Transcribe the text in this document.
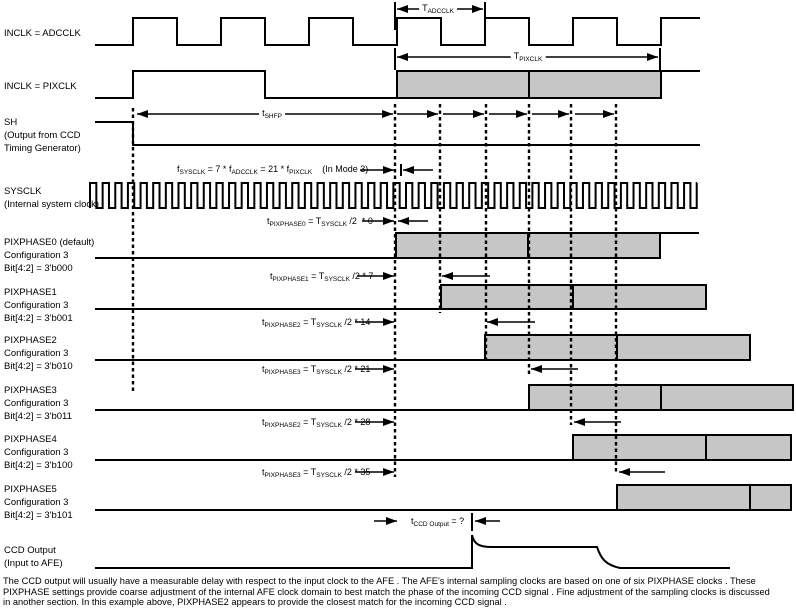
INCLK = ADCCLK
INCLK = PIXCLK
SH
(Output from CCD
Timing Generator)
SYSCLK
(Internal system clock)
PIXPHASE0 (default)
Configuration 3
Bit[4:2] = 3'b000
PIXPHASE1
Configuration 3
Bit[4:2] = 3'b001
PIXPHASE2
Configuration 3
Bit[4:2] = 3'b010
PIXPHASE3
Configuration 3
Bit[4:2] = 3'b011
PIXPHASE4
Configuration 3
Bit[4:2] = 3'b100
PIXPHASE5
Configuration 3
Bit[4:2] = 3'b101
CCD Output
(Input to AFE)
$T_{ADCCLK}$
$T_{PIXCLK}$
$t_{SHFP}$
$f_{SYSCLK} = 7 * f_{ADCCLK} = 21 * f_{PIXCLK}$    (In Mode 3)
$t_{PIXPHASE0} = T_{SYSCLK}$ /2  * 0
$t_{PIXPHASE1} = T_{SYSCLK}$ /2 * 7
$t_{PIXPHASE2} = T_{SYSCLK}$ /2 * 14
$t_{PIXPHASE3} = T_{SYSCLK}$ /2 * 21
$t_{PIXPHASE2} = T_{SYSCLK}$ /2 * 28
$t_{PIXPHASE3} = T_{SYSCLK}$ /2 * 35
$t_{CCD Output}$ = ?
The CCD output will usually have a measurable delay with respect to the input clock to the AFE . The AFE's internal sampling clocks are based on one of six PIXPHASE clocks . These
PIXPHASE settings provide coarse adjustment of the internal AFE clock domain to best match the phase of the incoming CCD signal . Fine adjustment of the sampling clocks is discussed
in another section. In this example above, PIXPHASE2 appears to provide the closest match for the incoming CCD signal .
